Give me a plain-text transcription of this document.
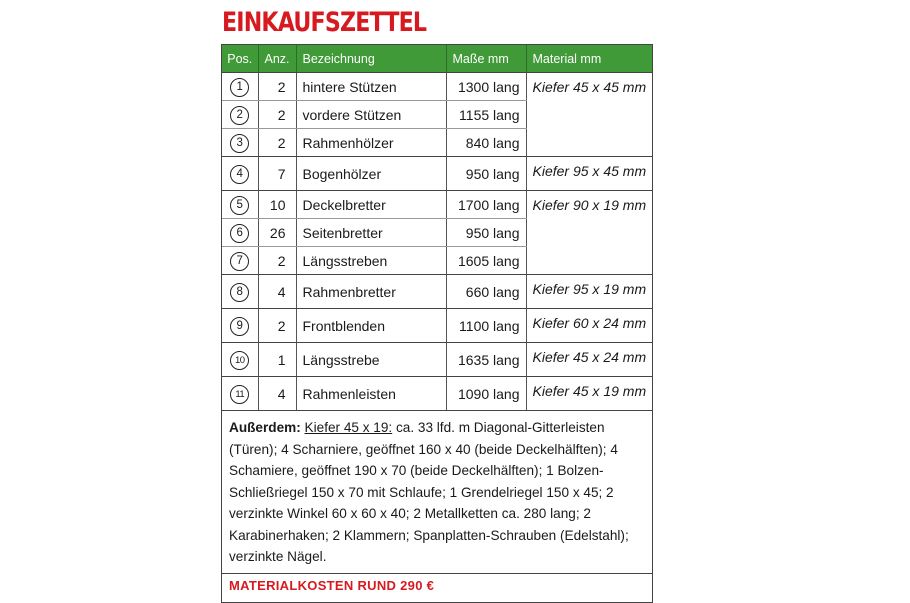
EINKAUFSZETTEL
Pos.	Anz.	Bezeichnung	Maße mm	Material mm
1	2	hintere Stützen	1300 lang	Kiefer 45 x 45 mm
2	2	vordere Stützen	1155 lang	
3	2	Rahmenhölzer	840 lang	
4	7	Bogenhölzer	950 lang	Kiefer 95 x 45 mm
5	10	Deckelbretter	1700 lang	Kiefer 90 x 19 mm
6	26	Seitenbretter	950 lang	
7	2	Längsstreben	1605 lang	
8	4	Rahmenbretter	660 lang	Kiefer 95 x 19 mm
9	2	Frontblenden	1100 lang	Kiefer 60 x 24 mm
10	1	Längsstrebe	1635 lang	Kiefer 45 x 24 mm
11	4	Rahmenleisten	1090 lang	Kiefer 45 x 19 mm
Außerdem: Kiefer 45 x 19: ca. 33 lfd. m Diagonal-Gitterleisten (Türen); 4 Scharniere, geöffnet 160 x 40 (beide Deckelhälften); 4 Schamiere, geöffnet 190 x 70 (beide Deckelhälften); 1 Bolzen-Schließriegel 150 x 70 mit Schlaufe; 1 Grendelriegel 150 x 45; 2 verzinkte Winkel 60 x 60 x 40; 2 Metallketten ca. 280 lang; 2 Karabinerhaken; 2 Klammern; Spanplatten-Schrauben (Edelstahl); verzinkte Nägel.
MATERIALKOSTEN RUND 290 €
